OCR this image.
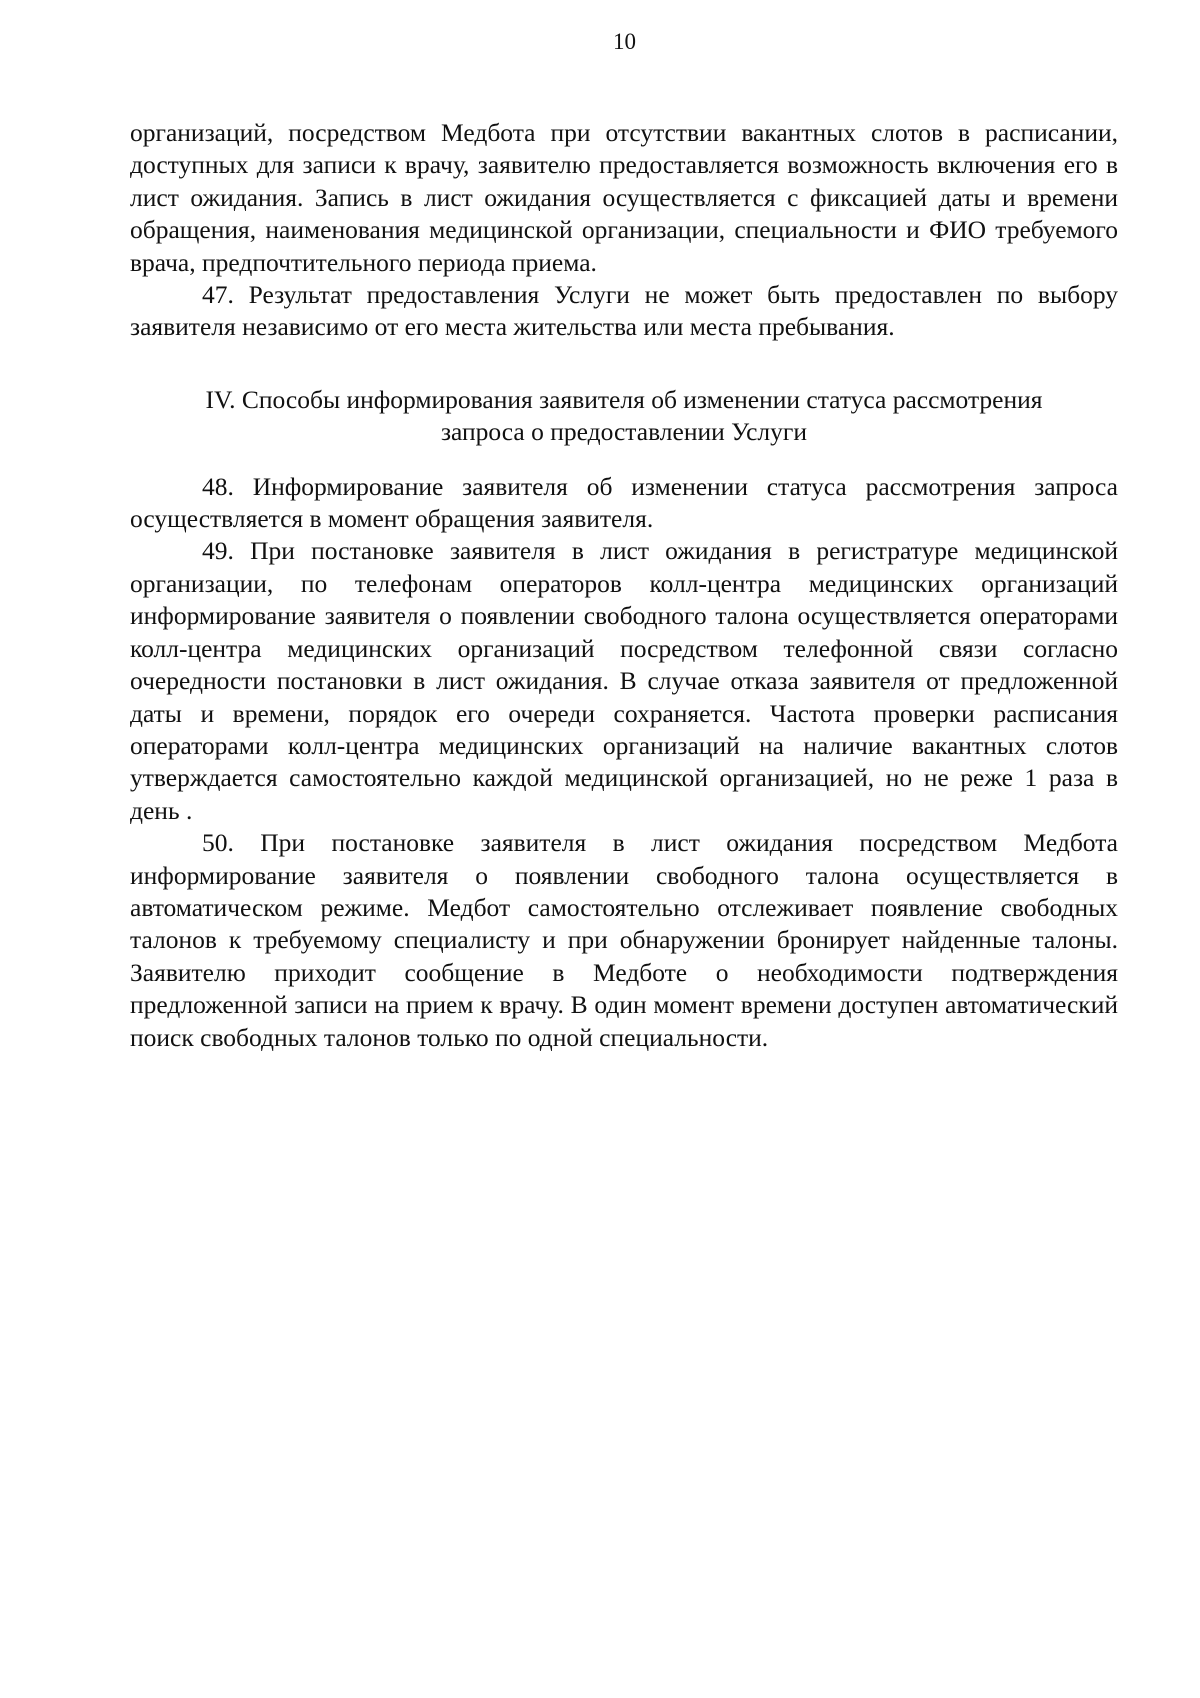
10

организаций, посредством Медбота при отсутствии вакантных слотов в расписании, доступных для записи к врачу, заявителю предоставляется возможность включения его в лист ожидания. Запись в лист ожидания осуществляется с фиксацией даты и времени обращения, наименования медицинской организации, специальности и ФИО требуемого врача, предпочтительного периода приема.

47. Результат предоставления Услуги не может быть предоставлен по выбору заявителя независимо от его места жительства или места пребывания.

IV. Способы информирования заявителя об изменении статуса рассмотрения
запроса о предоставлении Услуги

48. Информирование заявителя об изменении статуса рассмотрения запроса осуществляется в момент обращения заявителя.

49. При постановке заявителя в лист ожидания в регистратуре медицинской организации, по телефонам операторов колл-центра медицинских организаций информирование заявителя о появлении свободного талона осуществляется операторами колл-центра медицинских организаций посредством телефонной связи согласно очередности постановки в лист ожидания. В случае отказа заявителя от предложенной даты и времени, порядок его очереди сохраняется. Частота проверки расписания операторами колл-центра медицинских организаций на наличие вакантных слотов утверждается самостоятельно каждой медицинской организацией, но не реже 1 раза в день .

50. При постановке заявителя в лист ожидания посредством Медбота информирование заявителя о появлении свободного талона осуществляется в автоматическом режиме. Медбот самостоятельно отслеживает появление свободных талонов к требуемому специалисту и при обнаружении бронирует найденные талоны. Заявителю приходит сообщение в Медботе о необходимости подтверждения предложенной записи на прием к врачу. В один момент времени доступен автоматический поиск свободных талонов только по одной специальности.
